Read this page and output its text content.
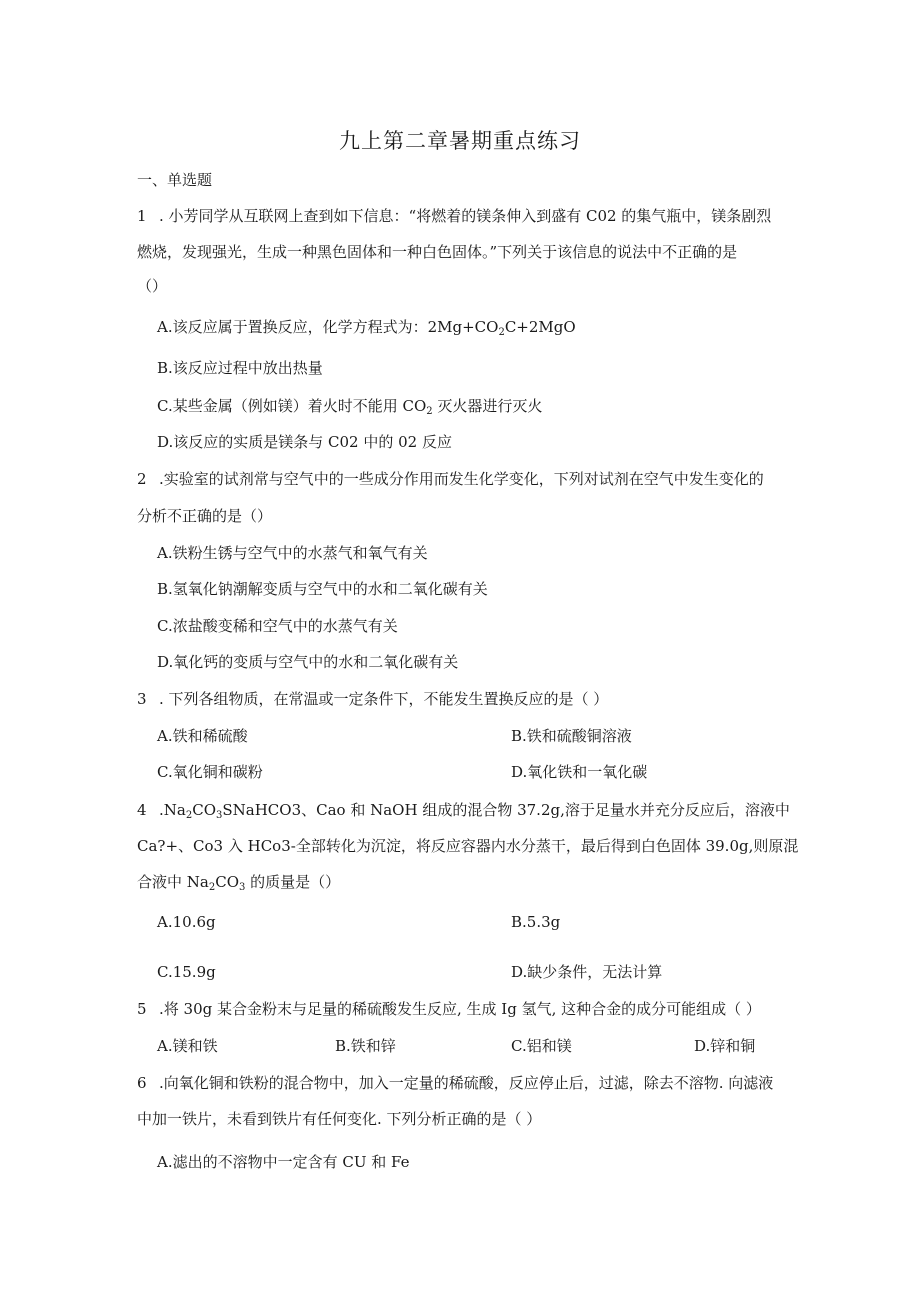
九上第二章暑期重点练习
一、单选题
1 . 小芳同学从互联网上查到如下信息：“将燃着的镁条伸入到盛有 C02 的集气瓶中，镁条剧烈
燃烧，发现强光，生成一种黑色固体和一种白色固体。”下列关于该信息的说法中不正确的是
（）
A.该反应属于置换反应，化学方程式为：$2Mg+CO_2C+2MgO$
B.该反应过程中放出热量
C.某些金属（例如镁）着火时不能用 $CO_2$ 灭火器进行灭火
D.该反应的实质是镁条与 C02 中的 02 反应
2 .实验室的试剂常与空气中的一些成分作用而发生化学变化，下列对试剂在空气中发生变化的
分析不正确的是（）
A.铁粉生锈与空气中的水蒸气和氧气有关
B.氢氧化钠潮解变质与空气中的水和二氧化碳有关
C.浓盐酸变稀和空气中的水蒸气有关
D.氧化钙的变质与空气中的水和二氧化碳有关
3 . 下列各组物质，在常温或一定条件下，不能发生置换反应的是（ ）
A.铁和稀硫酸	B.铁和硫酸铜溶液
C.氧化铜和碳粉	D.氧化铁和一氧化碳
4 $.Na_2CO_3SNaHCO3$、Cao 和 NaOH 组成的混合物 37.2g,溶于足量水并充分反应后，溶液中
Ca?+、Co3 入 HCo3-全部转化为沉淀，将反应容器内水分蒸干，最后得到白色固体 39.0g,则原混
合液中 $Na_2CO_3$ 的质量是（）
A.10.6g	B.5.3g
C.15.9g	D.缺少条件，无法计算
5 .将 30g 某合金粉末与足量的稀硫酸发生反应, 生成 Ig 氢气, 这种合金的成分可能组成（ ）
A.镁和铁	B.铁和锌	C.铝和镁	D.锌和铜
6 .向氧化铜和铁粉的混合物中，加入一定量的稀硫酸，反应停止后，过滤，除去不溶物. 向滤液
中加一铁片，未看到铁片有任何变化. 下列分析正确的是（ ）
A.滤出的不溶物中一定含有 CU 和 Fe
